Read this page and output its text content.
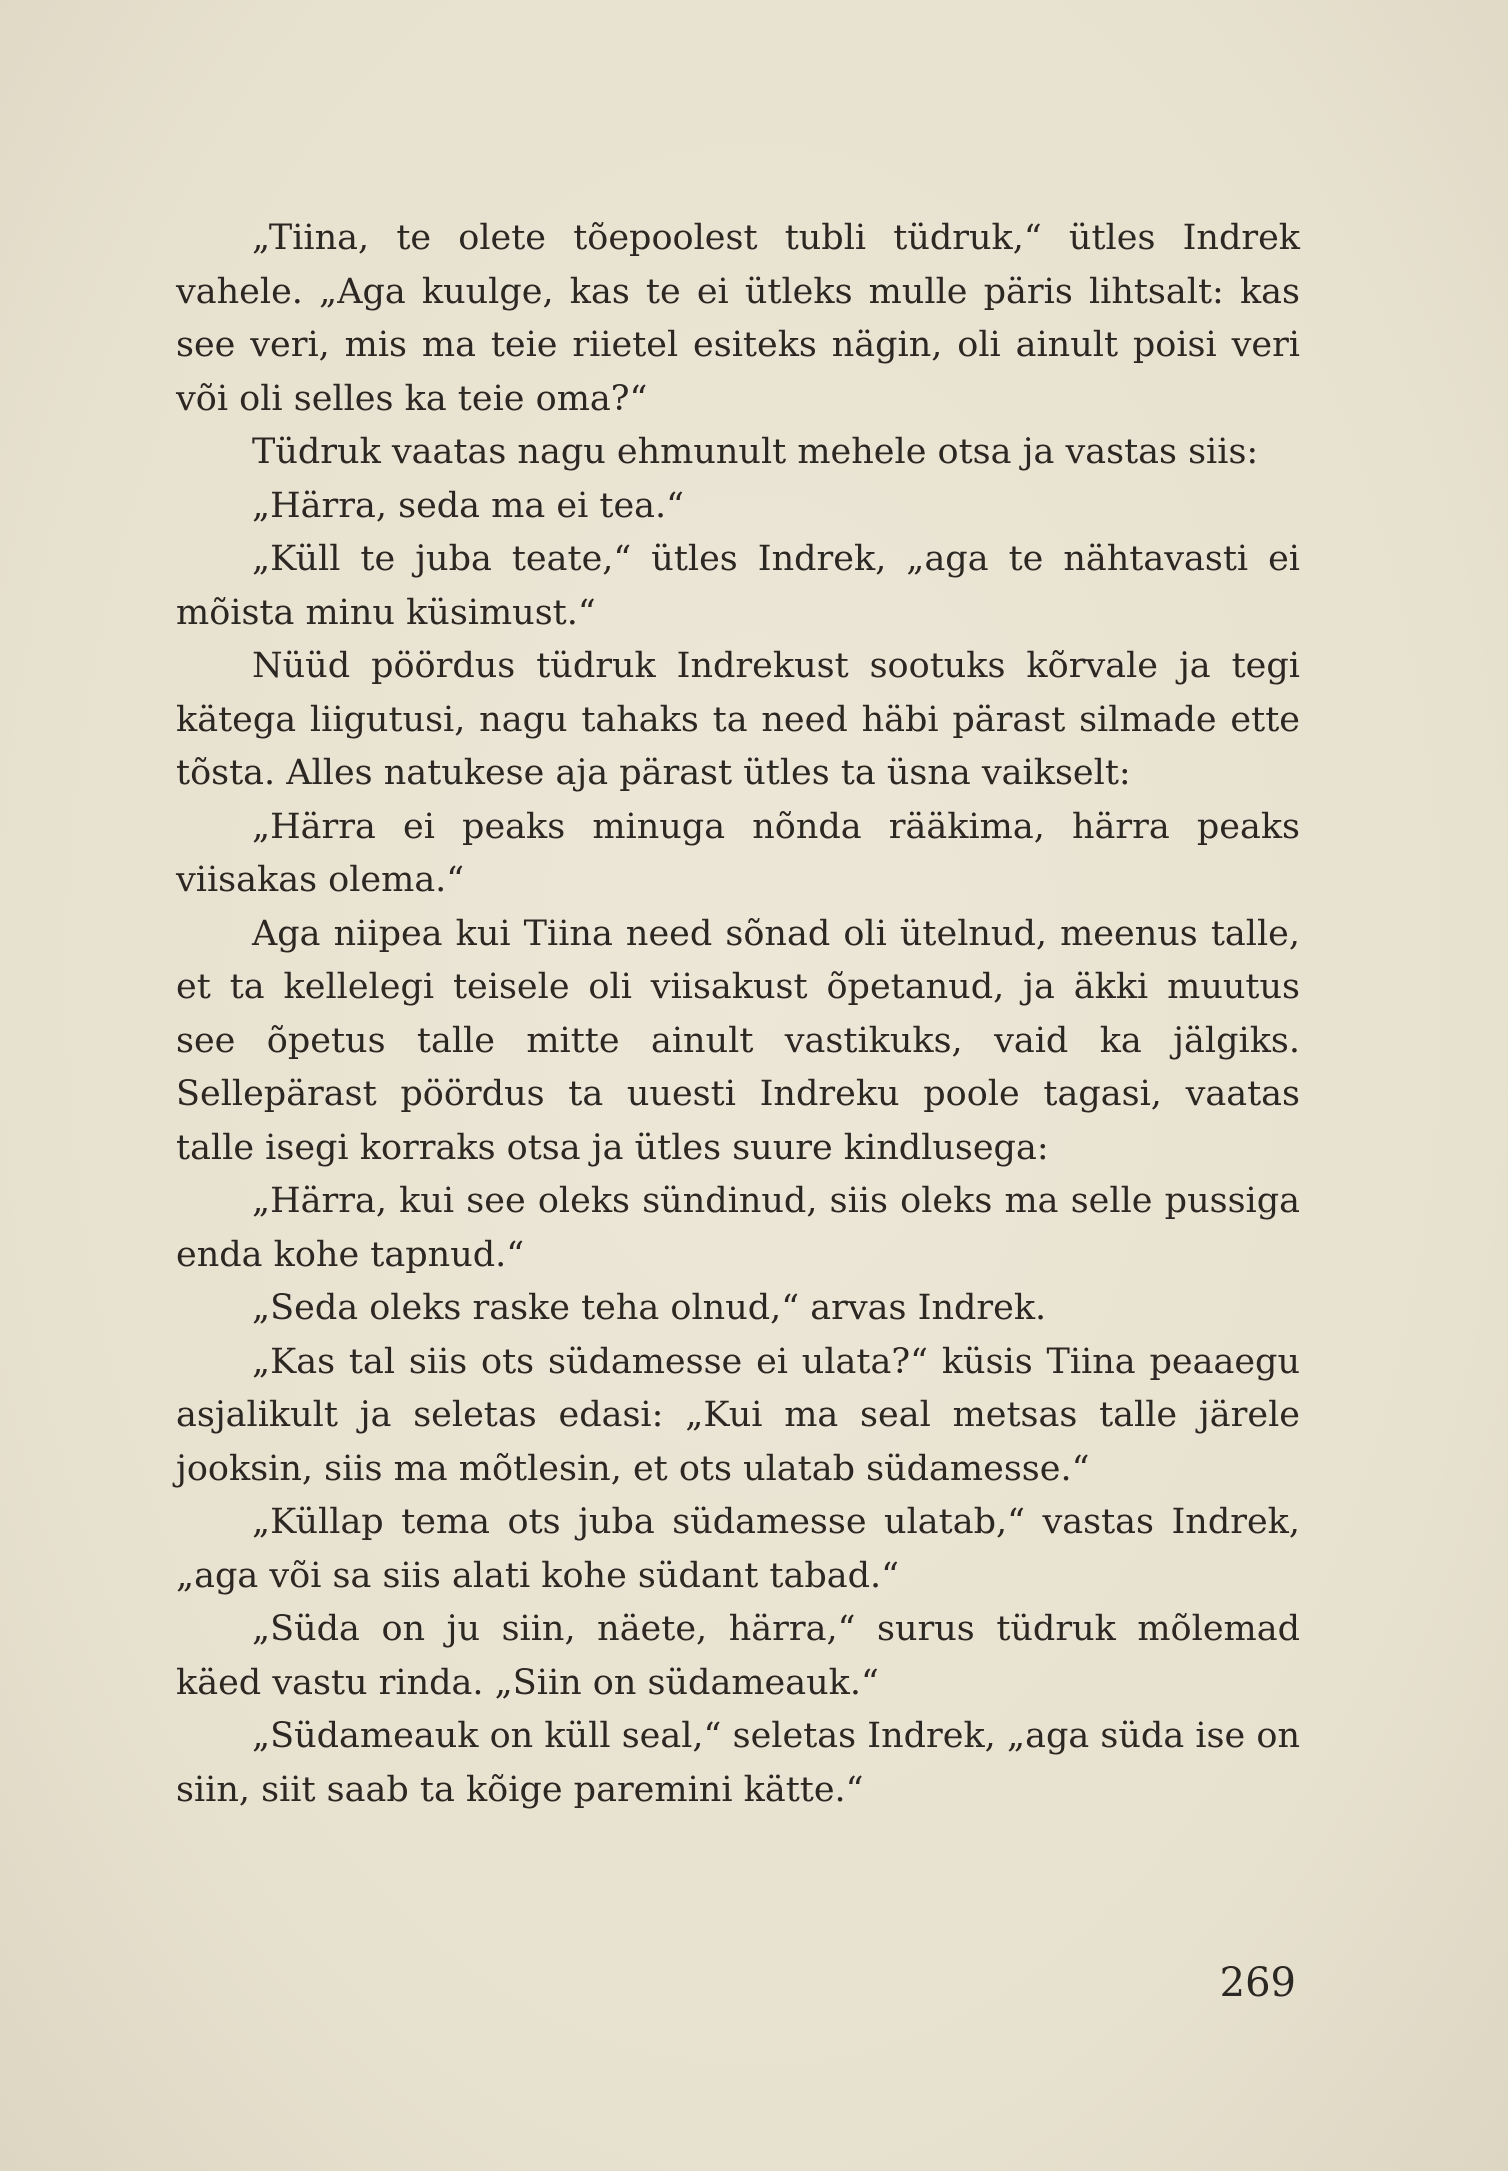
„Tiina, te olete tõepoolest tubli tüdruk,“ ütles Indrek vahele. „Aga kuulge, kas te ei ütleks mulle päris lihtsalt: kas see veri, mis ma teie riietel esiteks nägin, oli ainult poisi veri või oli selles ka teie oma?“

Tüdruk vaatas nagu ehmunult mehele otsa ja vastas siis:

„Härra, seda ma ei tea.“

„Küll te juba teate,“ ütles Indrek, „aga te nähtavasti ei mõista minu küsimust.“

Nüüd pöördus tüdruk Indrekust sootuks kõrvale ja tegi kätega liigutusi, nagu tahaks ta need häbi pärast silmade ette tõsta. Alles natukese aja pärast ütles ta üsna vaikselt:

„Härra ei peaks minuga nõnda rääkima, härra peaks viisakas olema.“

Aga niipea kui Tiina need sõnad oli ütelnud, meenus talle, et ta kellelegi teisele oli viisakust õpetanud, ja äkki muutus see õpetus talle mitte ainult vastikuks, vaid ka jälgiks. Sellepärast pöördus ta uuesti Indreku poole tagasi, vaatas talle isegi korraks otsa ja ütles suure kindlusega:

„Härra, kui see oleks sündinud, siis oleks ma selle pussiga enda kohe tapnud.“

„Seda oleks raske teha olnud,“ arvas Indrek.

„Kas tal siis ots südamesse ei ulata?“ küsis Tiina peaaegu asjalikult ja seletas edasi: „Kui ma seal metsas talle järele jooksin, siis ma mõtlesin, et ots ulatab südamesse.“

„Küllap tema ots juba südamesse ulatab,“ vastas Indrek, „aga või sa siis alati kohe südant tabad.“

„Süda on ju siin, näete, härra,“ surus tüdruk mõlemad käed vastu rinda. „Siin on südameauk.“

„Südameauk on küll seal,“ seletas Indrek, „aga süda ise on siin, siit saab ta kõige paremini kätte.“

269
